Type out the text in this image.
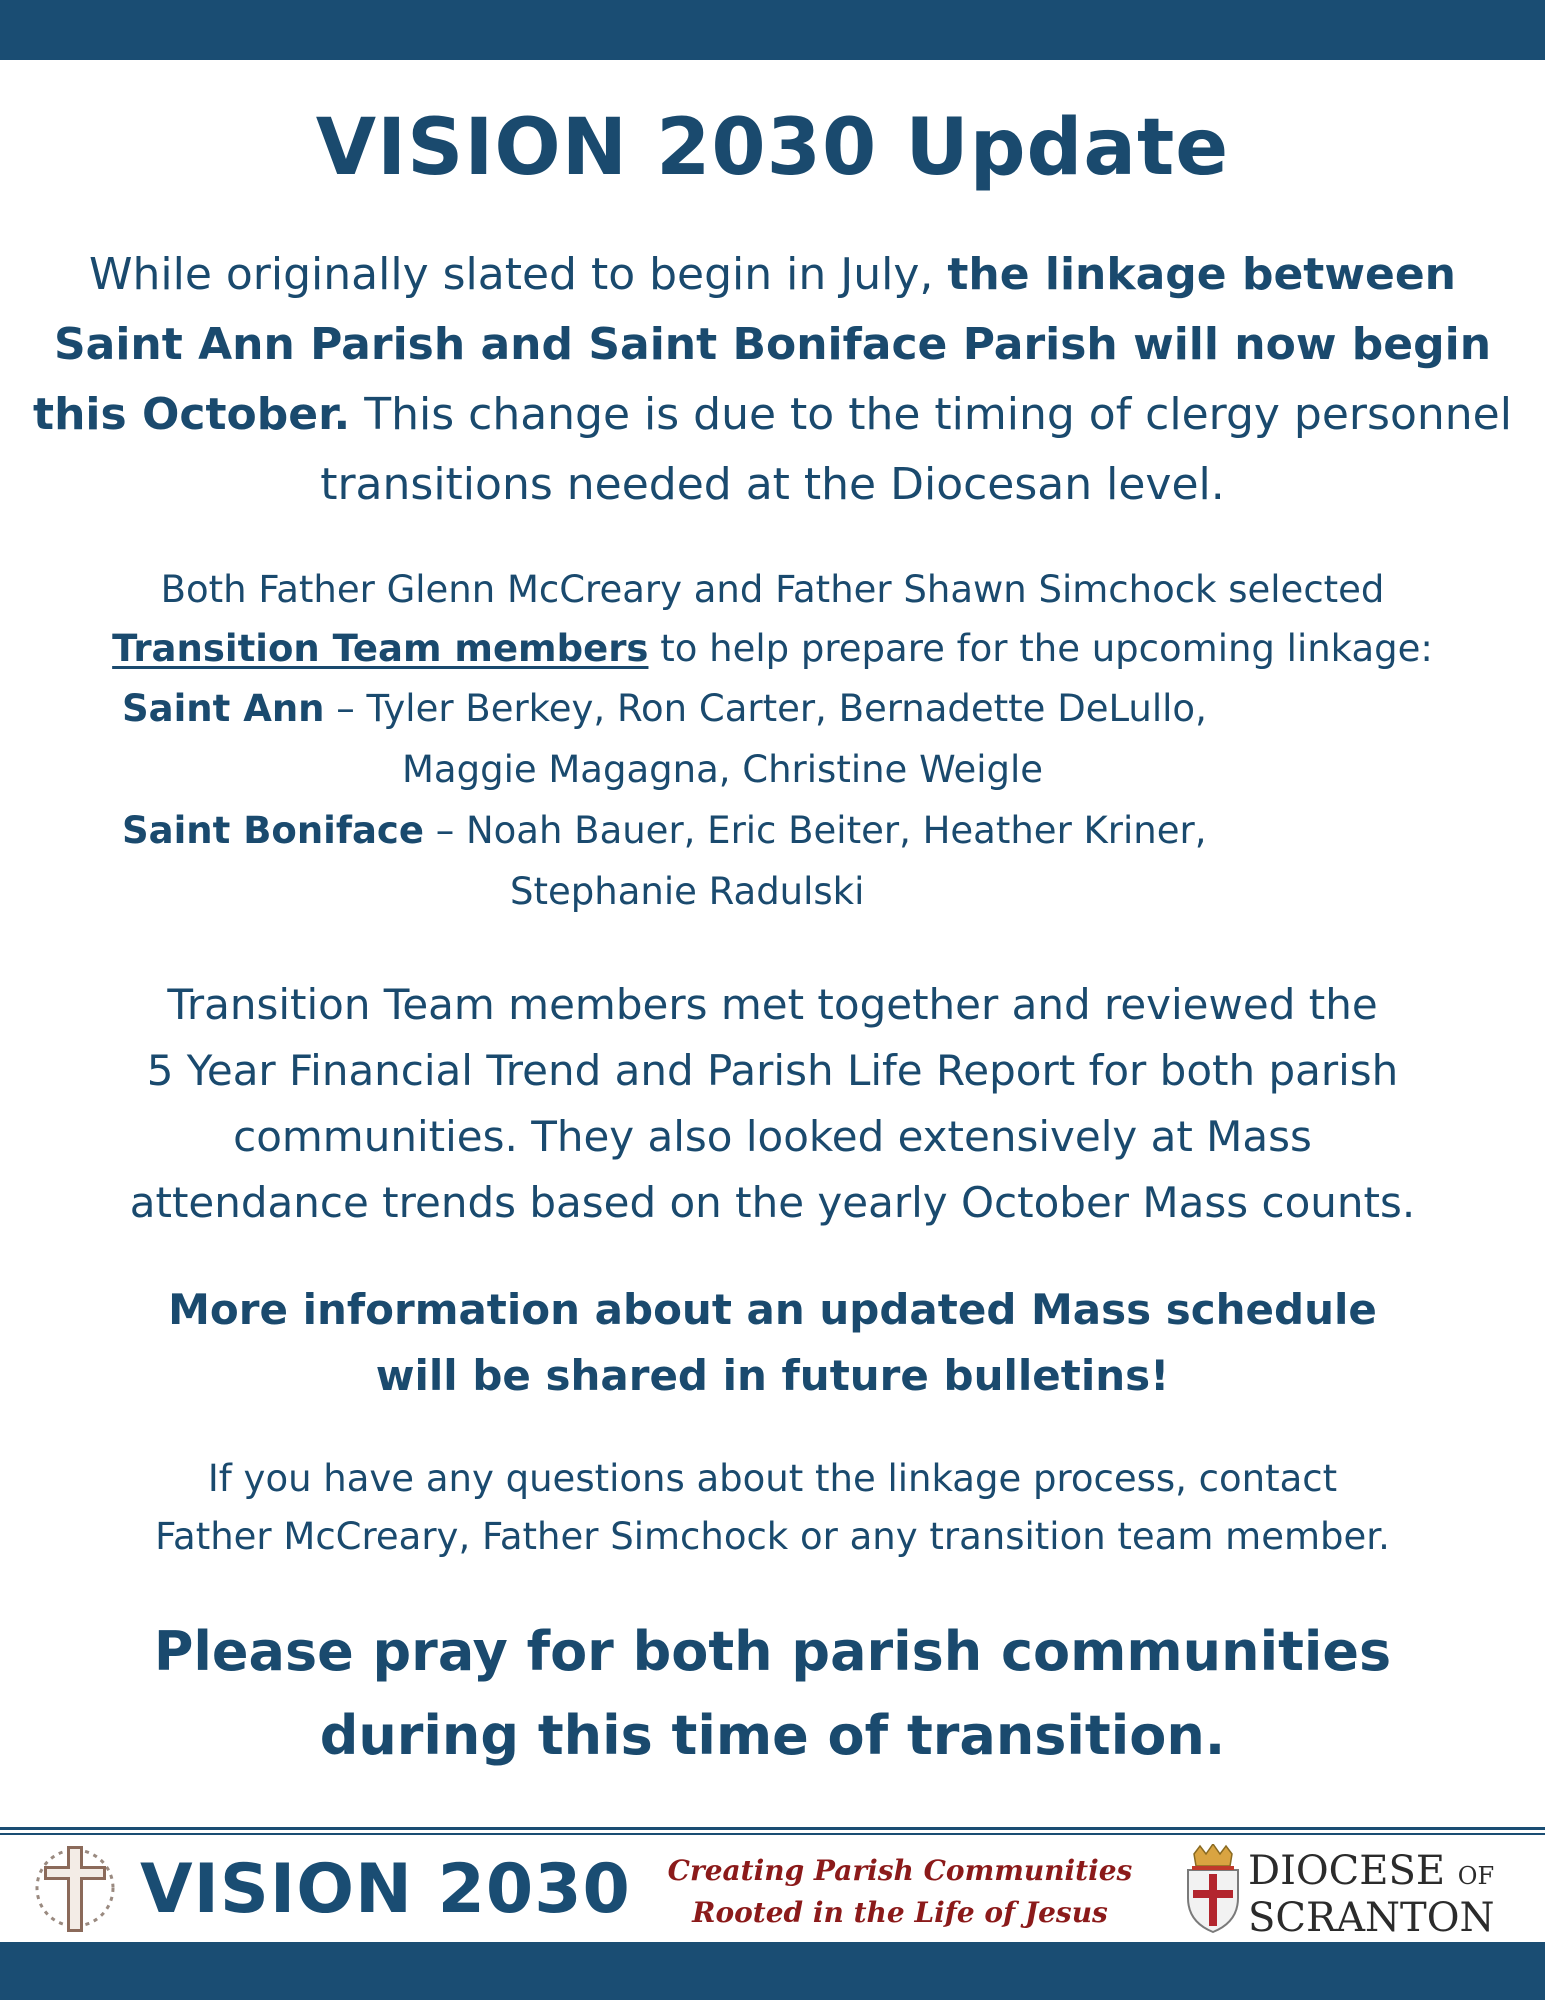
VISION 2030 Update
While originally slated to begin in July, the linkage between Saint Ann Parish and Saint Boniface Parish will now begin this October. This change is due to the timing of clergy personnel transitions needed at the Diocesan level.
Both Father Glenn McCreary and Father Shawn Simchock selected
Transition Team members to help prepare for the upcoming linkage:
Saint Ann – Tyler Berkey, Ron Carter, Bernadette DeLullo,
Maggie Magagna, Christine Weigle
Saint Boniface – Noah Bauer, Eric Beiter, Heather Kriner,
Stephanie Radulski
Transition Team members met together and reviewed the
5 Year Financial Trend and Parish Life Report for both parish
communities. They also looked extensively at Mass
attendance trends based on the yearly October Mass counts.
More information about an updated Mass schedule
will be shared in future bulletins!
If you have any questions about the linkage process, contact
Father McCreary, Father Simchock or any transition team member.
Please pray for both parish communities
during this time of transition.
VISION 2030	Creating Parish Communities
Rooted in the Life of Jesus
DIOCESE OF
SCRANTON
